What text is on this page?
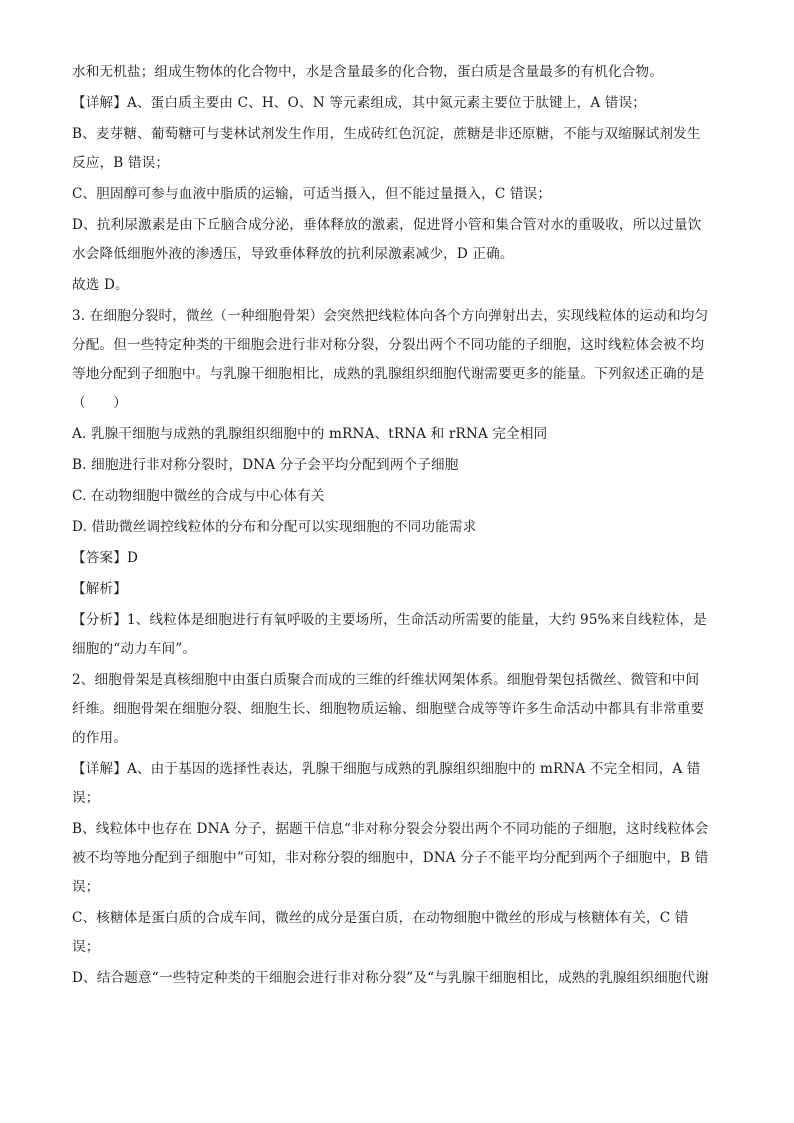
水和无机盐；组成生物体的化合物中，水是含量最多的化合物，蛋白质是含量最多的有机化合物。

【详解】A、蛋白质主要由 C、H、O、N 等元素组成，其中氮元素主要位于肽键上，A 错误；

B、麦芽糖、葡萄糖可与斐林试剂发生作用，生成砖红色沉淀，蔗糖是非还原糖，不能与双缩脲试剂发生

反应，B 错误；

C、胆固醇可参与血液中脂质的运输，可适当摄入，但不能过量摄入，C 错误；

D、抗利尿激素是由下丘脑合成分泌，垂体释放的激素，促进肾小管和集合管对水的重吸收，所以过量饮

水会降低细胞外液的渗透压，导致垂体释放的抗利尿激素减少，D 正确。

故选 D。

3. 在细胞分裂时，微丝（一种细胞骨架）会突然把线粒体向各个方向弹射出去，实现线粒体的运动和均匀

分配。但一些特定种类的干细胞会进行非对称分裂，分裂出两个不同功能的子细胞，这时线粒体会被不均

等地分配到子细胞中。与乳腺干细胞相比，成熟的乳腺组织细胞代谢需要更多的能量。下列叙述正确的是

（　　）

A. 乳腺干细胞与成熟的乳腺组织细胞中的 mRNA、tRNA 和 rRNA 完全相同

B. 细胞进行非对称分裂时，DNA 分子会平均分配到两个子细胞

C. 在动物细胞中微丝的合成与中心体有关

D. 借助微丝调控线粒体的分布和分配可以实现细胞的不同功能需求

【答案】D

【解析】

【分析】1、线粒体是细胞进行有氧呼吸的主要场所，生命活动所需要的能量，大约 95%来自线粒体，是

细胞的“动力车间”。

2、细胞骨架是真核细胞中由蛋白质聚合而成的三维的纤维状网架体系。细胞骨架包括微丝、微管和中间

纤维。细胞骨架在细胞分裂、细胞生长、细胞物质运输、细胞壁合成等等许多生命活动中都具有非常重要

的作用。

【详解】A、由于基因的选择性表达，乳腺干细胞与成熟的乳腺组织细胞中的 mRNA 不完全相同，A 错

误；

B、线粒体中也存在 DNA 分子，据题干信息“非对称分裂会分裂出两个不同功能的子细胞，这时线粒体会

被不均等地分配到子细胞中”可知，非对称分裂的细胞中，DNA 分子不能平均分配到两个子细胞中，B 错

误；

C、核糖体是蛋白质的合成车间，微丝的成分是蛋白质，在动物细胞中微丝的形成与核糖体有关，C 错

误；

D、结合题意“一些特定种类的干细胞会进行非对称分裂”及“与乳腺干细胞相比，成熟的乳腺组织细胞代谢
